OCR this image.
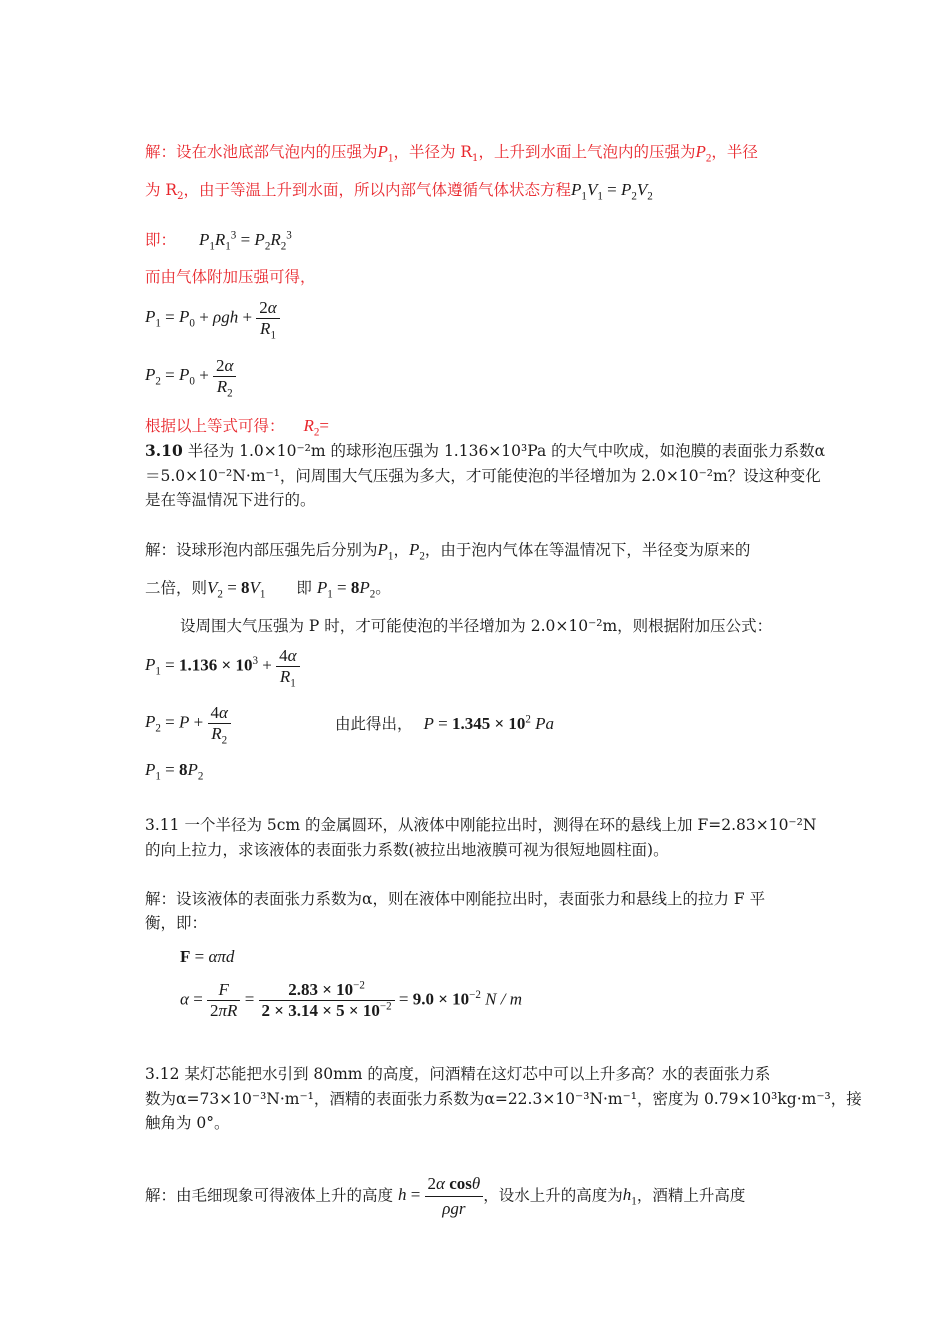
解：设在水池底部气泡内的压强为$P_1$，半径为 $R_1$，上升到水面上气泡内的压强为$P_2$，半径
为 $R_2$，由于等温上升到水面，所以内部气体遵循气体状态方程$P_1V_1 = P_2V_2$
即： $P_1R_1^3 = P_2R_2^3$
而由气体附加压强可得，
$P_1 = P_0 + \rho gh + \frac{2\alpha}{R_1}$
$P_2 = P_0 + \frac{2\alpha}{R_2}$
根据以上等式可得： $R_2=$
3.10 半径为 1.0×10⁻²m 的球形泡压强为 1.136×10³Pa 的大气中吹成，如泡膜的表面张力系数α
＝5.0×10⁻²N·m⁻¹，问周围大气压强为多大，才可能使泡的半径增加为 2.0×10⁻²m？设这种变化
是在等温情况下进行的。
解：设球形泡内部压强先后分别为$P_1$，$P_2$，由于泡内气体在等温情况下，半径变为原来的
二倍，则$V_2 = 8V_1$ 即 $P_1 = 8P_2$。
设周围大气压强为 P 时，才可能使泡的半径增加为 2.0×10⁻²m，则根据附加压公式：
$P_1 = 1.136 \times 10^3 + \frac{4\alpha}{R_1}$
$P_2 = P + \frac{4\alpha}{R_2}$	由此得出， $P = 1.345 \times 10^2$ Pa
$P_1 = 8P_2$
3.11 一个半径为 5cm 的金属圆环，从液体中刚能拉出时，测得在环的悬线上加 F=2.83×10⁻²N
的向上拉力，求该液体的表面张力系数(被拉出地液膜可视为很短地圆柱面)。
解：设该液体的表面张力系数为α，则在液体中刚能拉出时，表面张力和悬线上的拉力 F 平
衡，即：
F = απd
$\alpha = \frac{F}{2\pi R} = \frac{2.83 \times 10^{-2}}{2 \times 3.14 \times 5 \times 10^{-2}} = 9.0 \times 10^{-2}$ N / m
3.12 某灯芯能把水引到 80mm 的高度，问酒精在这灯芯中可以上升多高？水的表面张力系
数为α=73×10⁻³N·m⁻¹，酒精的表面张力系数为α=22.3×10⁻³N·m⁻¹，密度为 0.79×10³kg·m⁻³，接
触角为 0°。
解：由毛细现象可得液体上升的高度 $h = \frac{\text{2α cosθ}}{\text{ρgr}}$ ，设水上升的高度为$h_1$，酒精上升高度
